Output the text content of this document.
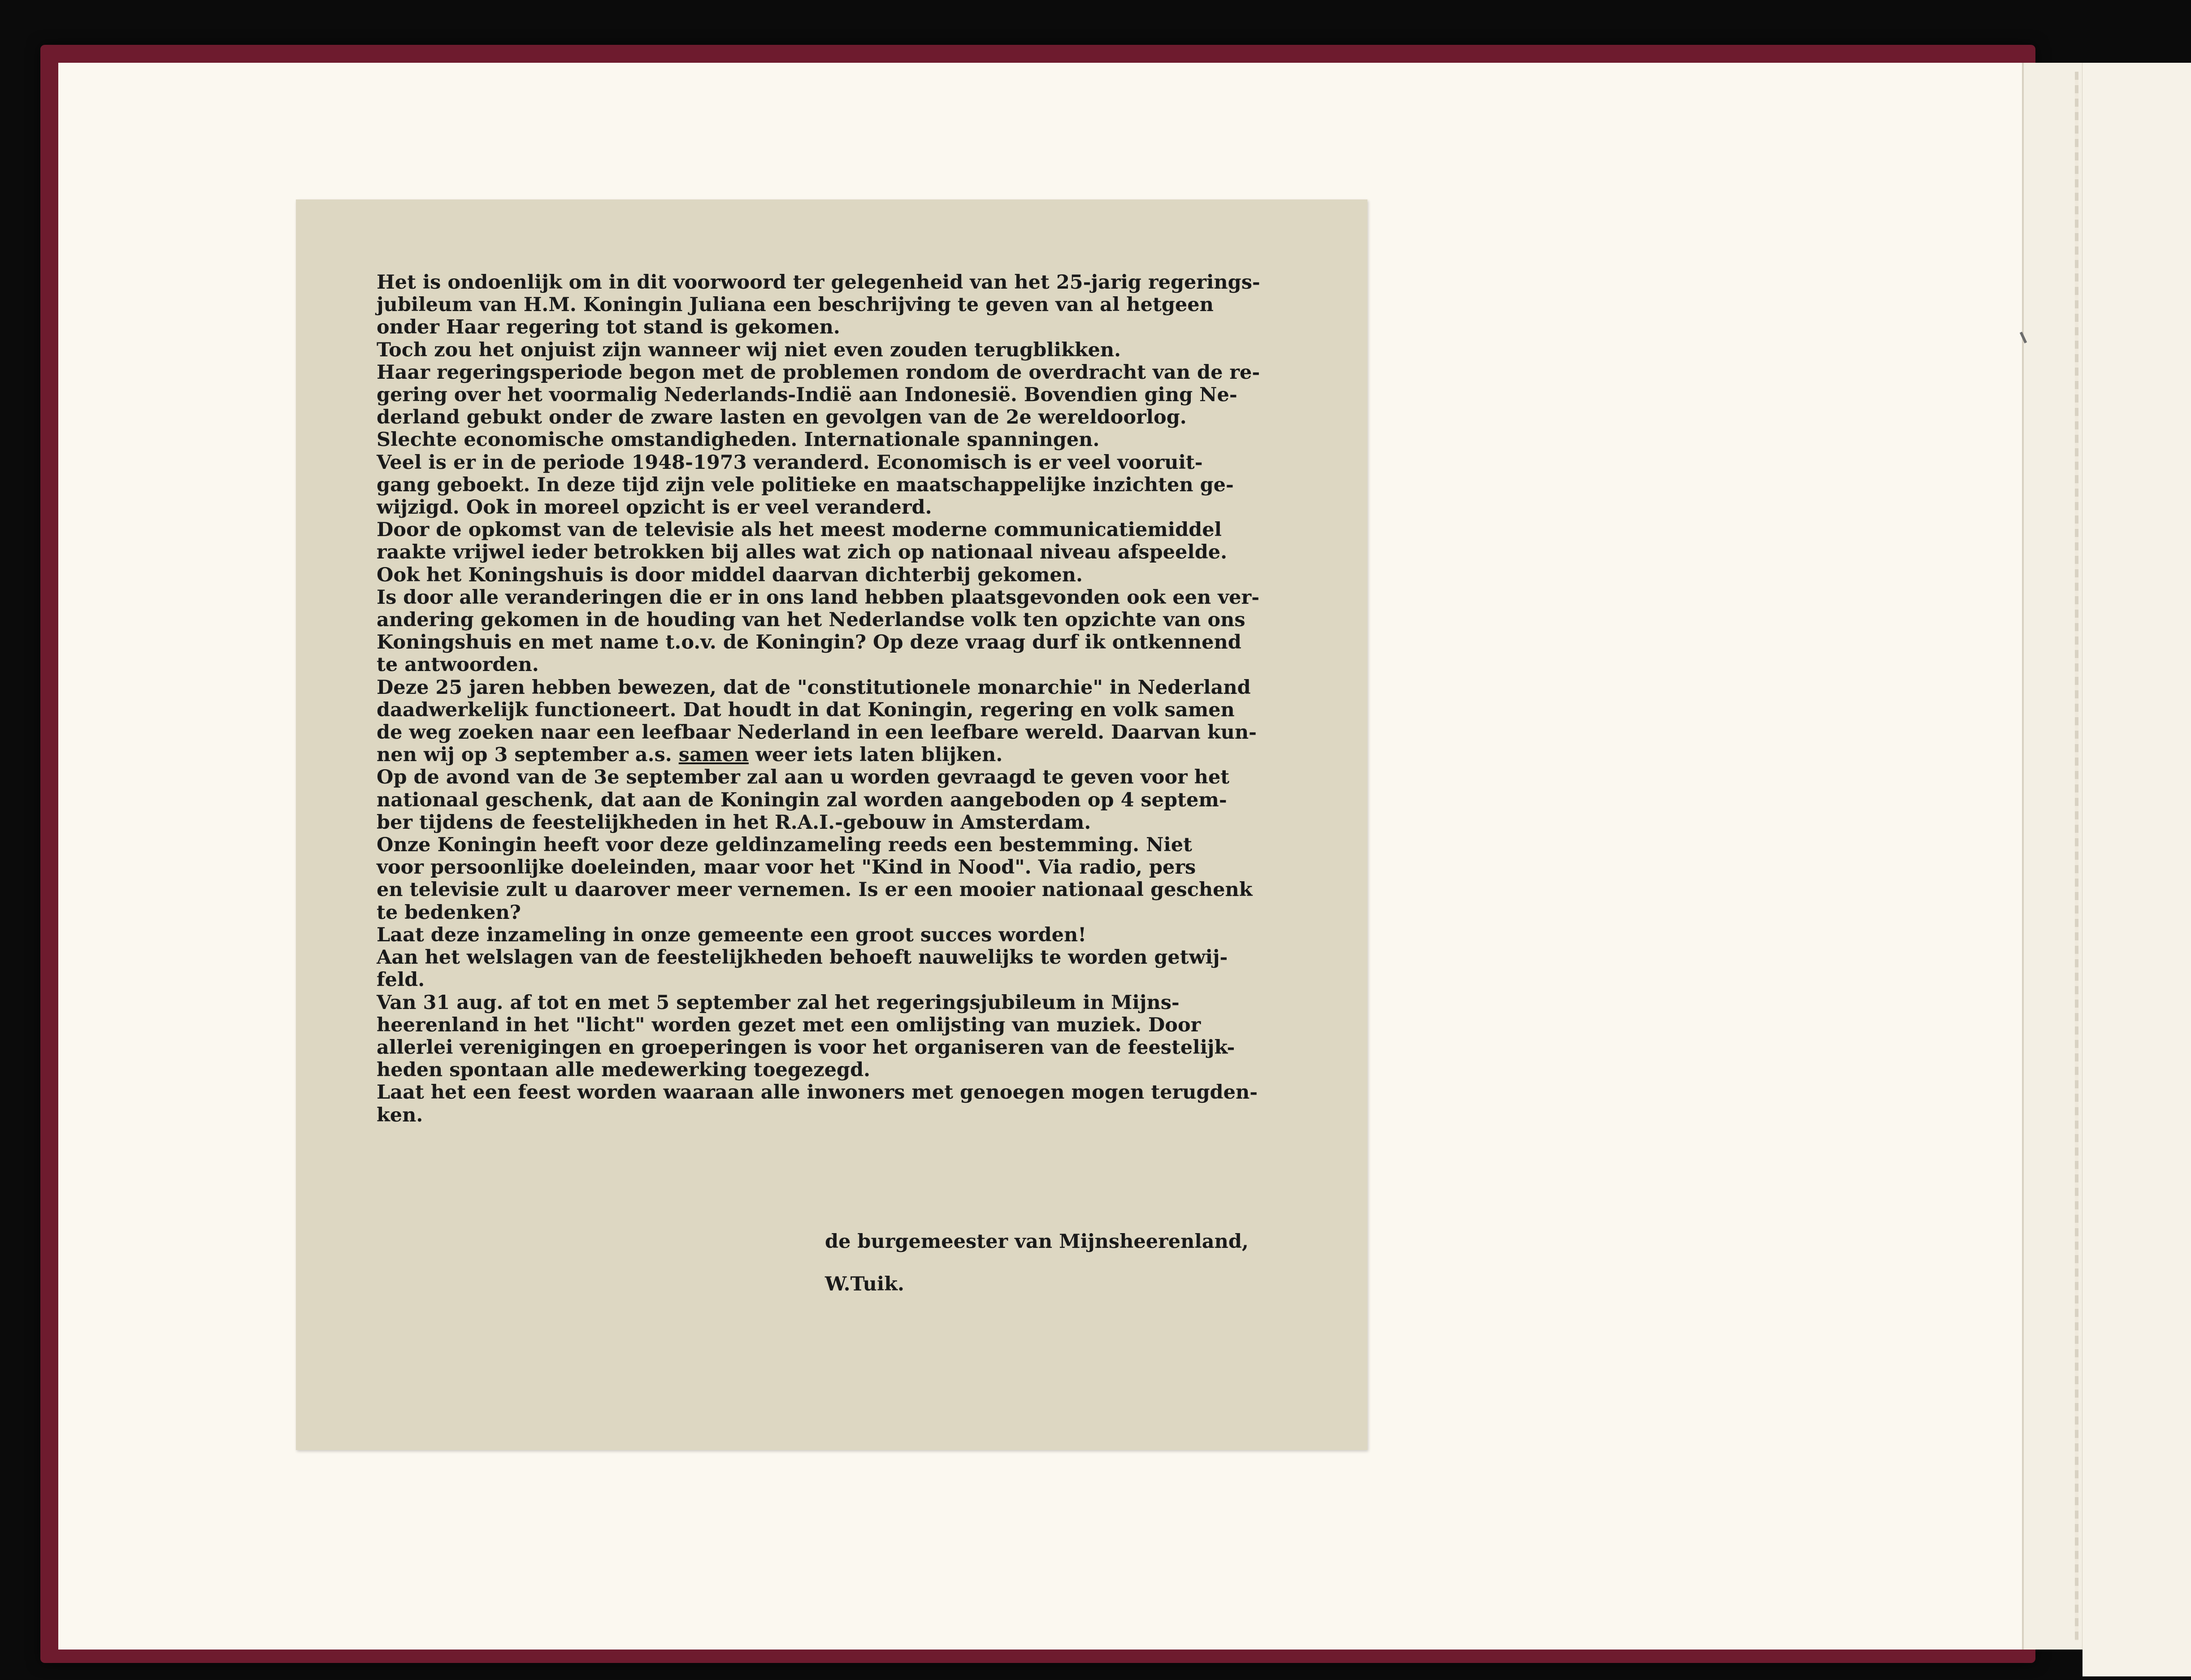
Het is ondoenlijk om in dit voorwoord ter gelegenheid van het 25-jarig regerings-
jubileum van H.M. Koningin Juliana een beschrijving te geven van al hetgeen
onder Haar regering tot stand is gekomen.
Toch zou het onjuist zijn wanneer wij niet even zouden terugblikken.
Haar regeringsperiode begon met de problemen rondom de overdracht van de re-
gering over het voormalig Nederlands-Indië aan Indonesië. Bovendien ging Ne-
derland gebukt onder de zware lasten en gevolgen van de 2e wereldoorlog.
Slechte economische omstandigheden. Internationale spanningen.
Veel is er in de periode 1948-1973 veranderd. Economisch is er veel vooruit-
gang geboekt. In deze tijd zijn vele politieke en maatschappelijke inzichten ge-
wijzigd. Ook in moreel opzicht is er veel veranderd.
Door de opkomst van de televisie als het meest moderne communicatiemiddel
raakte vrijwel ieder betrokken bij alles wat zich op nationaal niveau afspeelde.
Ook het Koningshuis is door middel daarvan dichterbij gekomen.
Is door alle veranderingen die er in ons land hebben plaatsgevonden ook een ver-
andering gekomen in de houding van het Nederlandse volk ten opzichte van ons
Koningshuis en met name t.o.v. de Koningin? Op deze vraag durf ik ontkennend
te antwoorden.
Deze 25 jaren hebben bewezen, dat de "constitutionele monarchie" in Nederland
daadwerkelijk functioneert. Dat houdt in dat Koningin, regering en volk samen
de weg zoeken naar een leefbaar Nederland in een leefbare wereld. Daarvan kun-
nen wij op 3 september a.s. samen weer iets laten blijken.
Op de avond van de 3e september zal aan u worden gevraagd te geven voor het
nationaal geschenk, dat aan de Koningin zal worden aangeboden op 4 septem-
ber tijdens de feestelijkheden in het R.A.I.-gebouw in Amsterdam.
Onze Koningin heeft voor deze geldinzameling reeds een bestemming. Niet
voor persoonlijke doeleinden, maar voor het "Kind in Nood". Via radio, pers
en televisie zult u daarover meer vernemen. Is er een mooier nationaal geschenk
te bedenken?
Laat deze inzameling in onze gemeente een groot succes worden!
Aan het welslagen van de feestelijkheden behoeft nauwelijks te worden getwij-
feld.
Van 31 aug. af tot en met 5 september zal het regeringsjubileum in Mijns-
heerenland in het "licht" worden gezet met een omlijsting van muziek. Door
allerlei verenigingen en groeperingen is voor het organiseren van de feestelijk-
heden spontaan alle medewerking toegezegd.
Laat het een feest worden waaraan alle inwoners met genoegen mogen terugden-
ken.
de burgemeester van Mijnsheerenland,
W.Tuik.
